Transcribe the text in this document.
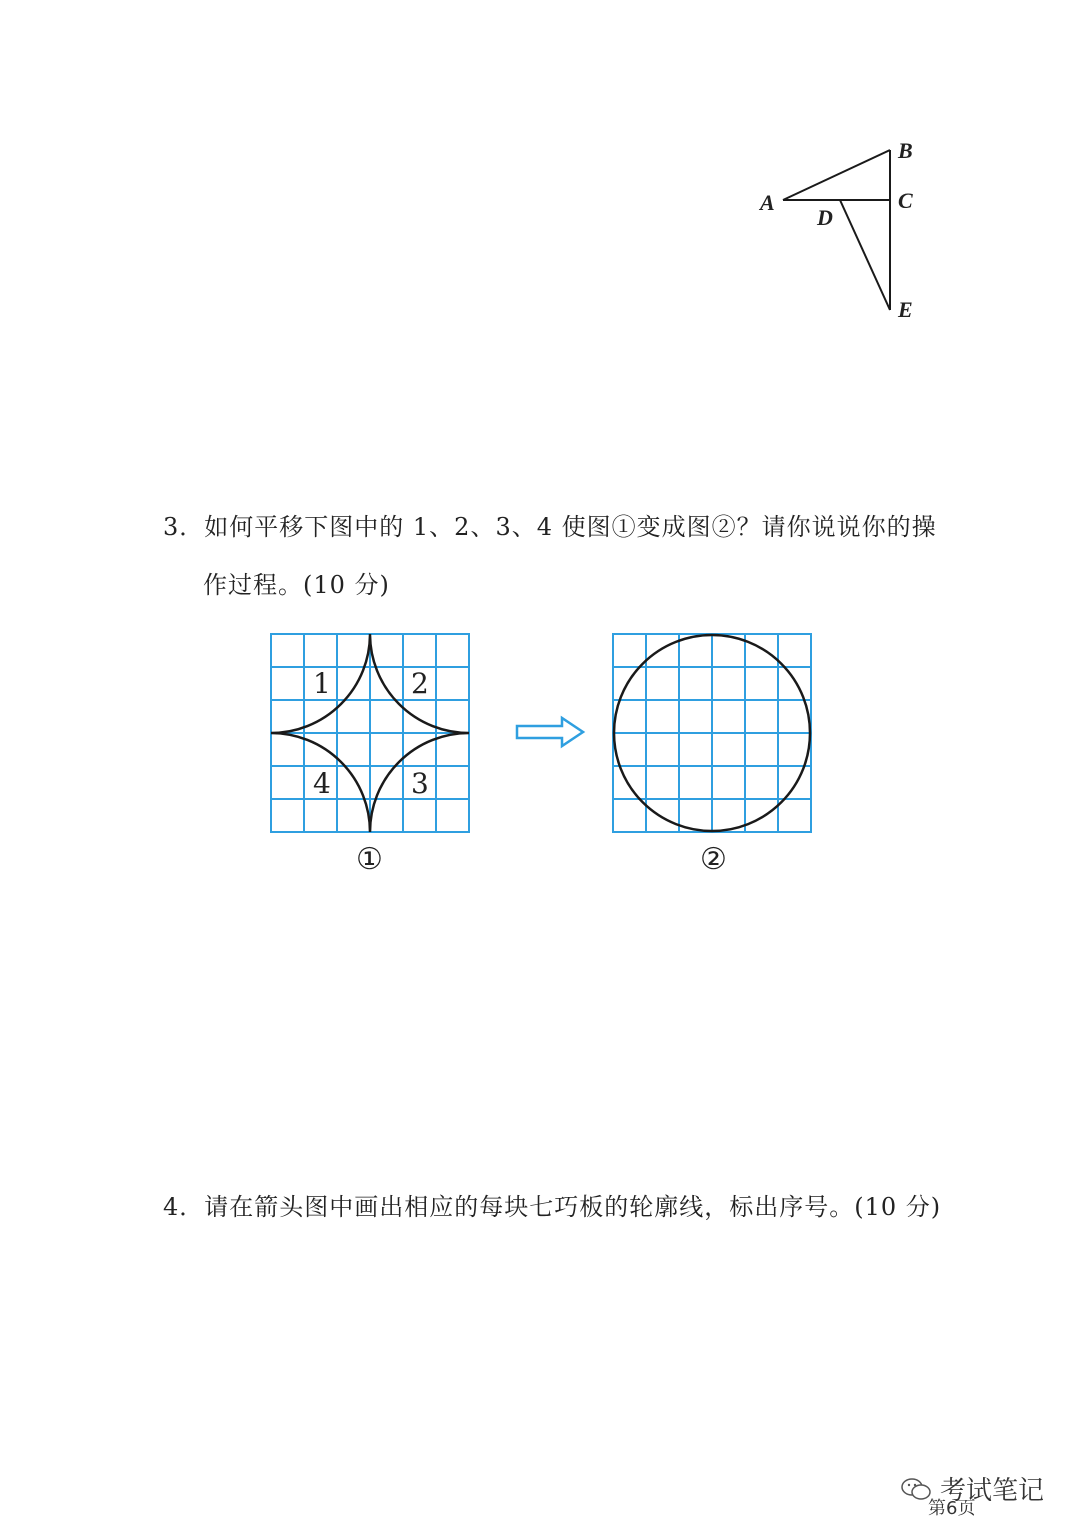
A
B
C
D
E
3．如何平移下图中的 1、2、3、4 使图①变成图②？请你说说你的操
作过程。(10 分)
1	2
3
4
①	②
4．请在箭头图中画出相应的每块七巧板的轮廓线，标出序号。(10 分)
考试笔记
第6页
